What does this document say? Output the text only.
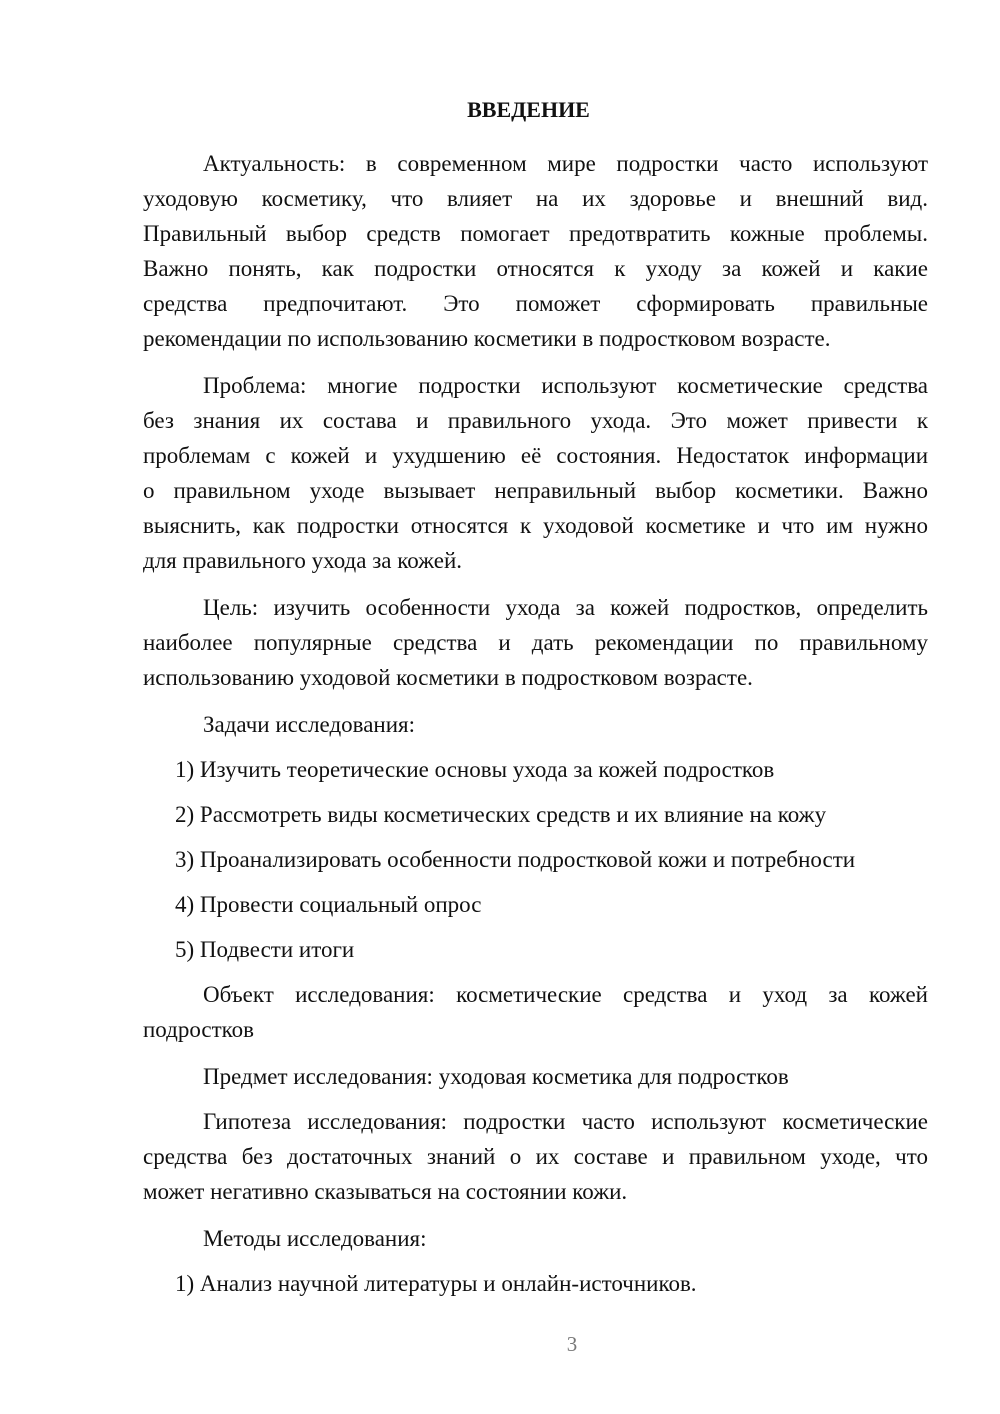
ВВЕДЕНИЕ
Актуальность: в современном мире подростки часто используют
уходовую косметику, что влияет на их здоровье и внешний вид.
Правильный выбор средств помогает предотвратить кожные проблемы.
Важно понять, как подростки относятся к уходу за кожей и какие
средства предпочитают. Это поможет сформировать правильные
рекомендации по использованию косметики в подростковом возрасте.
Проблема: многие подростки используют косметические средства
без знания их состава и правильного ухода. Это может привести к
проблемам с кожей и ухудшению её состояния. Недостаток информации
о правильном уходе вызывает неправильный выбор косметики. Важно
выяснить, как подростки относятся к уходовой косметике и что им нужно
для правильного ухода за кожей.
Цель: изучить особенности ухода за кожей подростков, определить
наиболее популярные средства и дать рекомендации по правильному
использованию уходовой косметики в подростковом возрасте.
Задачи исследования:
1) Изучить теоретические основы ухода за кожей подростков
2) Рассмотреть виды косметических средств и их влияние на кожу
3) Проанализировать особенности подростковой кожи и потребности
4) Провести социальный опрос
5) Подвести итоги
Объект исследования: косметические средства и уход за кожей
подростков
Предмет исследования: уходовая косметика для подростков
Гипотеза исследования: подростки часто используют косметические
средства без достаточных знаний о их составе и правильном уходе, что
может негативно сказываться на состоянии кожи.
Методы исследования:
1) Анализ научной литературы и онлайн-источников.
3
